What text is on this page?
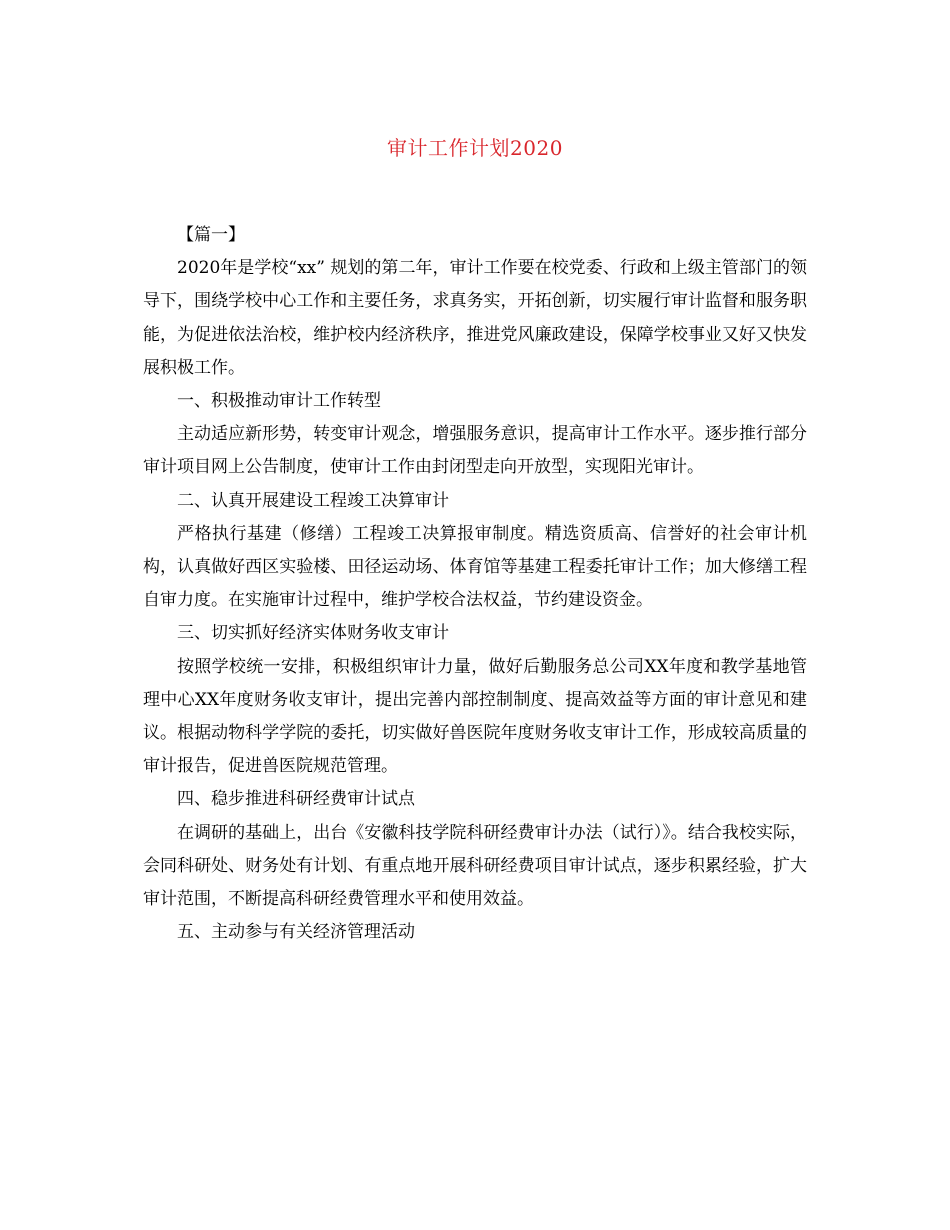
审计工作计划2020

【篇一】

2020年是学校“xx” 规划的第二年，审计工作要在校党委、行政和上级主管部门的领导下，围绕学校中心工作和主要任务，求真务实，开拓创新，切实履行审计监督和服务职能，为促进依法治校，维护校内经济秩序，推进党风廉政建设，保障学校事业又好又快发展积极工作。

一、积极推动审计工作转型

主动适应新形势，转变审计观念，增强服务意识，提高审计工作水平。逐步推行部分审计项目网上公告制度，使审计工作由封闭型走向开放型，实现阳光审计。

二、认真开展建设工程竣工决算审计

严格执行基建（修缮）工程竣工决算报审制度。精选资质高、信誉好的社会审计机构，认真做好西区实验楼、田径运动场、体育馆等基建工程委托审计工作；加大修缮工程自审力度。在实施审计过程中，维护学校合法权益，节约建设资金。

三、切实抓好经济实体财务收支审计

按照学校统一安排，积极组织审计力量，做好后勤服务总公司XX年度和教学基地管理中心XX年度财务收支审计，提出完善内部控制制度、提高效益等方面的审计意见和建议。根据动物科学学院的委托，切实做好兽医院年度财务收支审计工作，形成较高质量的审计报告，促进兽医院规范管理。

四、稳步推进科研经费审计试点

在调研的基础上，出台《安徽科技学院科研经费审计办法（试行）》。结合我校实际，会同科研处、财务处有计划、有重点地开展科研经费项目审计试点，逐步积累经验，扩大审计范围，不断提高科研经费管理水平和使用效益。

五、主动参与有关经济管理活动
